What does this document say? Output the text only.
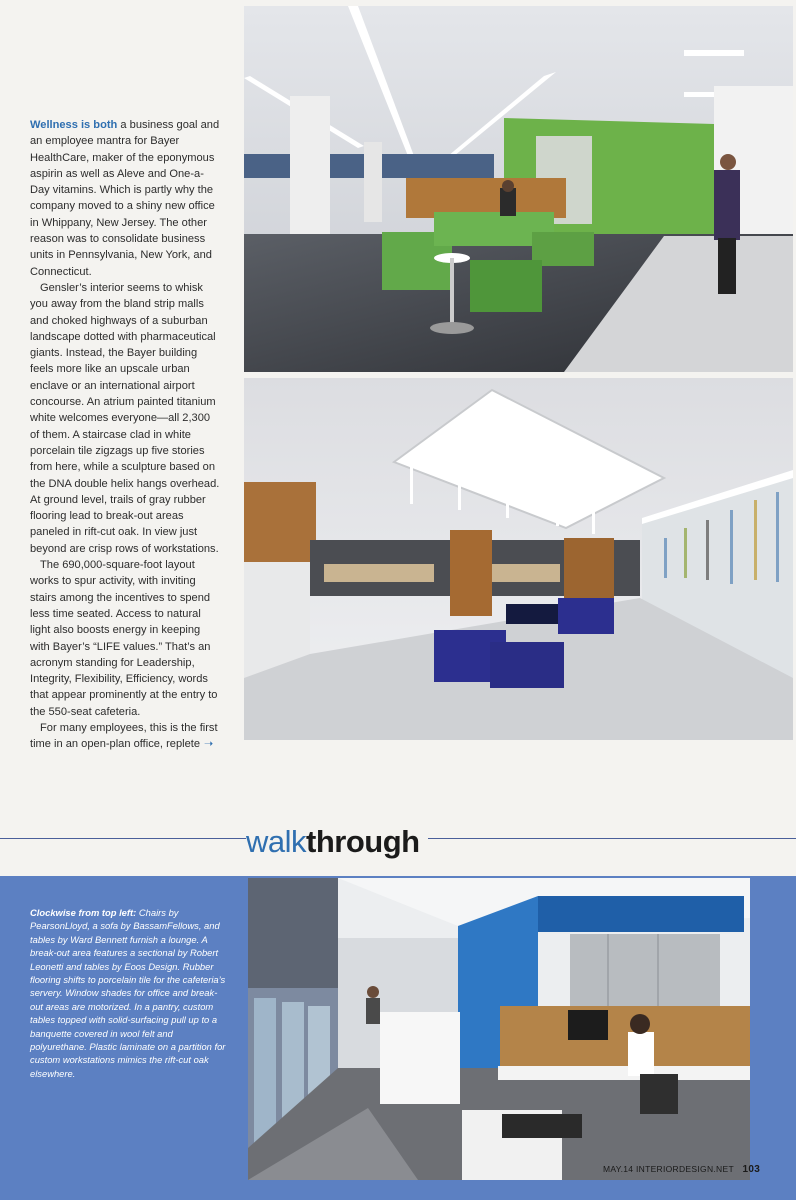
Wellness is both a business goal and an employee mantra for Bayer HealthCare, maker of the eponymous aspirin as well as Aleve and One-a-Day vitamins. Which is partly why the company moved to a shiny new office in Whippany, New Jersey. The other reason was to consolidate business units in Pennsylvania, New York, and Connecticut.

Gensler’s interior seems to whisk you away from the bland strip malls and choked highways of a suburban landscape dotted with pharmaceutical giants. Instead, the Bayer building feels more like an upscale urban enclave or an international airport concourse. An atrium painted titanium white welcomes everyone—all 2,300 of them. A staircase clad in white porcelain tile zigzags up five stories from here, while a sculpture based on the DNA double helix hangs overhead. At ground level, trails of gray rubber flooring lead to break-out areas paneled in rift-cut oak. In view just beyond are crisp rows of workstations.

The 690,000-square-foot layout works to spur activity, with inviting stairs among the incentives to spend less time seated. Access to natural light also boosts energy in keeping with Bayer’s “LIFE values.” That’s an acronym standing for Leadership, Integrity, Flexibility, Efficiency, words that appear prominently at the entry to the 550-seat cafeteria.

For many employees, this is the first time in an open-plan office, replete ➝

walkthrough
Clockwise from top left: Chairs by PearsonLloyd, a sofa by BassamFellows, and tables by Ward Bennett furnish a lounge. A break-out area features a sectional by Robert Leonetti and tables by Eoos Design. Rubber flooring shifts to porcelain tile for the cafeteria’s servery. Window shades for office and break-out areas are motorized. In a pantry, custom tables topped with solid-surfacing pull up to a banquette covered in wool felt and polyurethane. Plastic laminate on a partition for custom workstations mimics the rift-cut oak elsewhere.
MAY.14 INTERIORDESIGN.NET 103
